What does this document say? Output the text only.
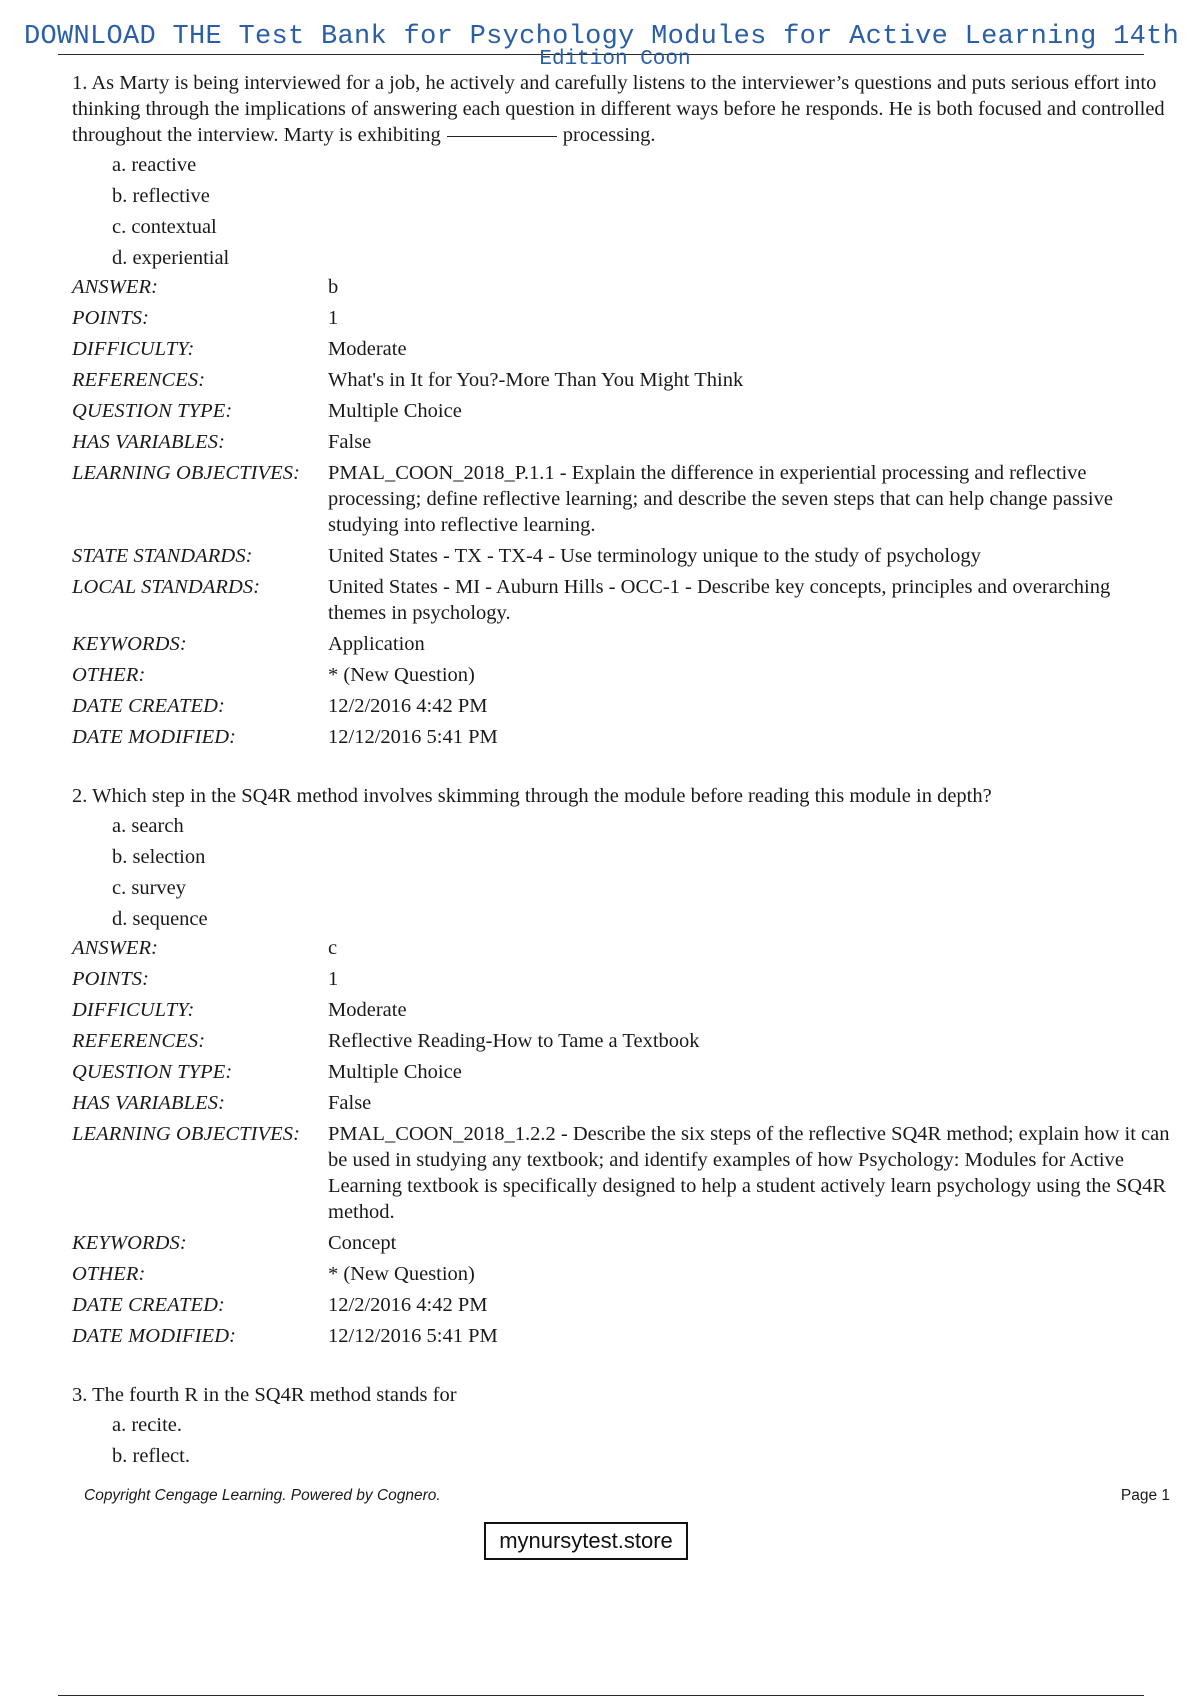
DOWNLOAD THE Test Bank for Psychology Modules for Active Learning 14th
Edition Coon

1. As Marty is being interviewed for a job, he actively and carefully listens to the interviewer’s questions and puts serious effort into thinking through the implications of answering each question in different ways before he responds. He is both focused and controlled throughout the interview. Marty is exhibiting	processing.

a. reactive
b. reflective
c. contextual
d. experiential
ANSWER:	b
POINTS:	1
DIFFICULTY:	Moderate
REFERENCES:	What's in It for You?-More Than You Might Think
QUESTION TYPE:	Multiple Choice
HAS VARIABLES:	False
LEARNING OBJECTIVES:	PMAL_COON_2018_P.1.1 - Explain the difference in experiential processing and reflective processing; define reflective learning; and describe the seven steps that can help change passive studying into reflective learning.
STATE STANDARDS:	United States - TX - TX-4 - Use terminology unique to the study of psychology
LOCAL STANDARDS:	United States - MI - Auburn Hills - OCC-1 - Describe key concepts, principles and overarching themes in psychology.
KEYWORDS:	Application
OTHER:	* (New Question)
DATE CREATED:	12/2/2016 4:42 PM
DATE MODIFIED:	12/12/2016 5:41 PM

2. Which step in the SQ4R method involves skimming through the module before reading this module in depth?

a. search
b. selection
c. survey
d. sequence
ANSWER:	c
POINTS:	1
DIFFICULTY:	Moderate
REFERENCES:	Reflective Reading-How to Tame a Textbook
QUESTION TYPE:	Multiple Choice
HAS VARIABLES:	False
LEARNING OBJECTIVES:	PMAL_COON_2018_1.2.2 - Describe the six steps of the reflective SQ4R method; explain how it can be used in studying any textbook; and identify examples of how Psychology: Modules for Active Learning textbook is specifically designed to help a student actively learn psychology using the SQ4R method.
KEYWORDS:	Concept
OTHER:	* (New Question)
DATE CREATED:	12/2/2016 4:42 PM
DATE MODIFIED:	12/12/2016 5:41 PM

3. The fourth R in the SQ4R method stands for

a. recite.
b. reflect.
Copyright Cengage Learning. Powered by Cognero.	Page 1
mynursytest.store
